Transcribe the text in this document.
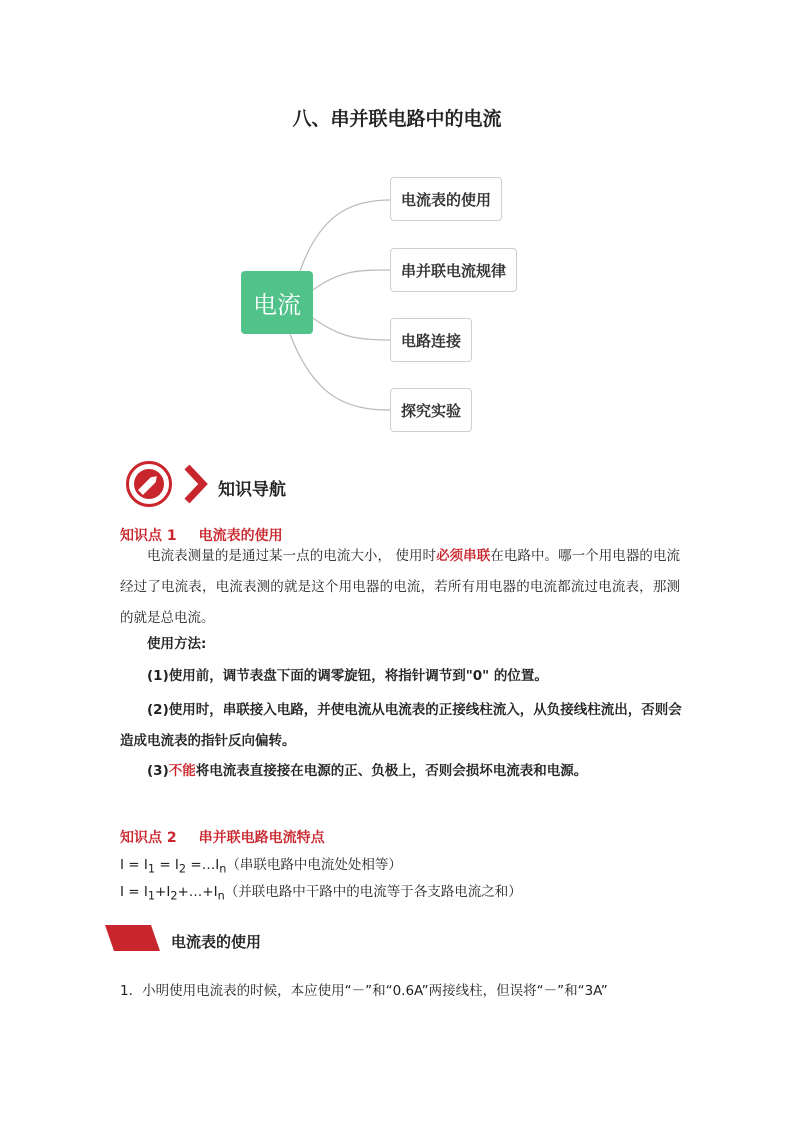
八、串并联电路中的电流
电流
电流表的使用
串并联电流规律
电路连接
探究实验
知识导航
知识点 1 电流表的使用
电流表测量的是通过某一点的电流大小， 使用时必须串联在电路中。哪一个用电器的电流经过了电流表，电流表测的就是这个用电器的电流，若所有用电器的电流都流过电流表，那测的就是总电流。
使用方法:
(1)使用前，调节表盘下面的调零旋钮，将指针调节到"0" 的位置。
(2)使用时，串联接入电路，并使电流从电流表的正接线柱流入，从负接线柱流出，否则会造成电流表的指针反向偏转。
(3)不能将电流表直接接在电源的正、负极上，否则会损坏电流表和电源。
知识点 2 串并联电路电流特点
$I = I_1 = I_2$ $=\dots I_n$（串联电路中电流处处相等）
$I = I_1+I_2+\dots+I_n$（并联电路中干路中的电流等于各支路电流之和）
电流表的使用
1．小明使用电流表的时候，本应使用“－”和“0.6A”两接线柱，但误将“－”和“3A”
